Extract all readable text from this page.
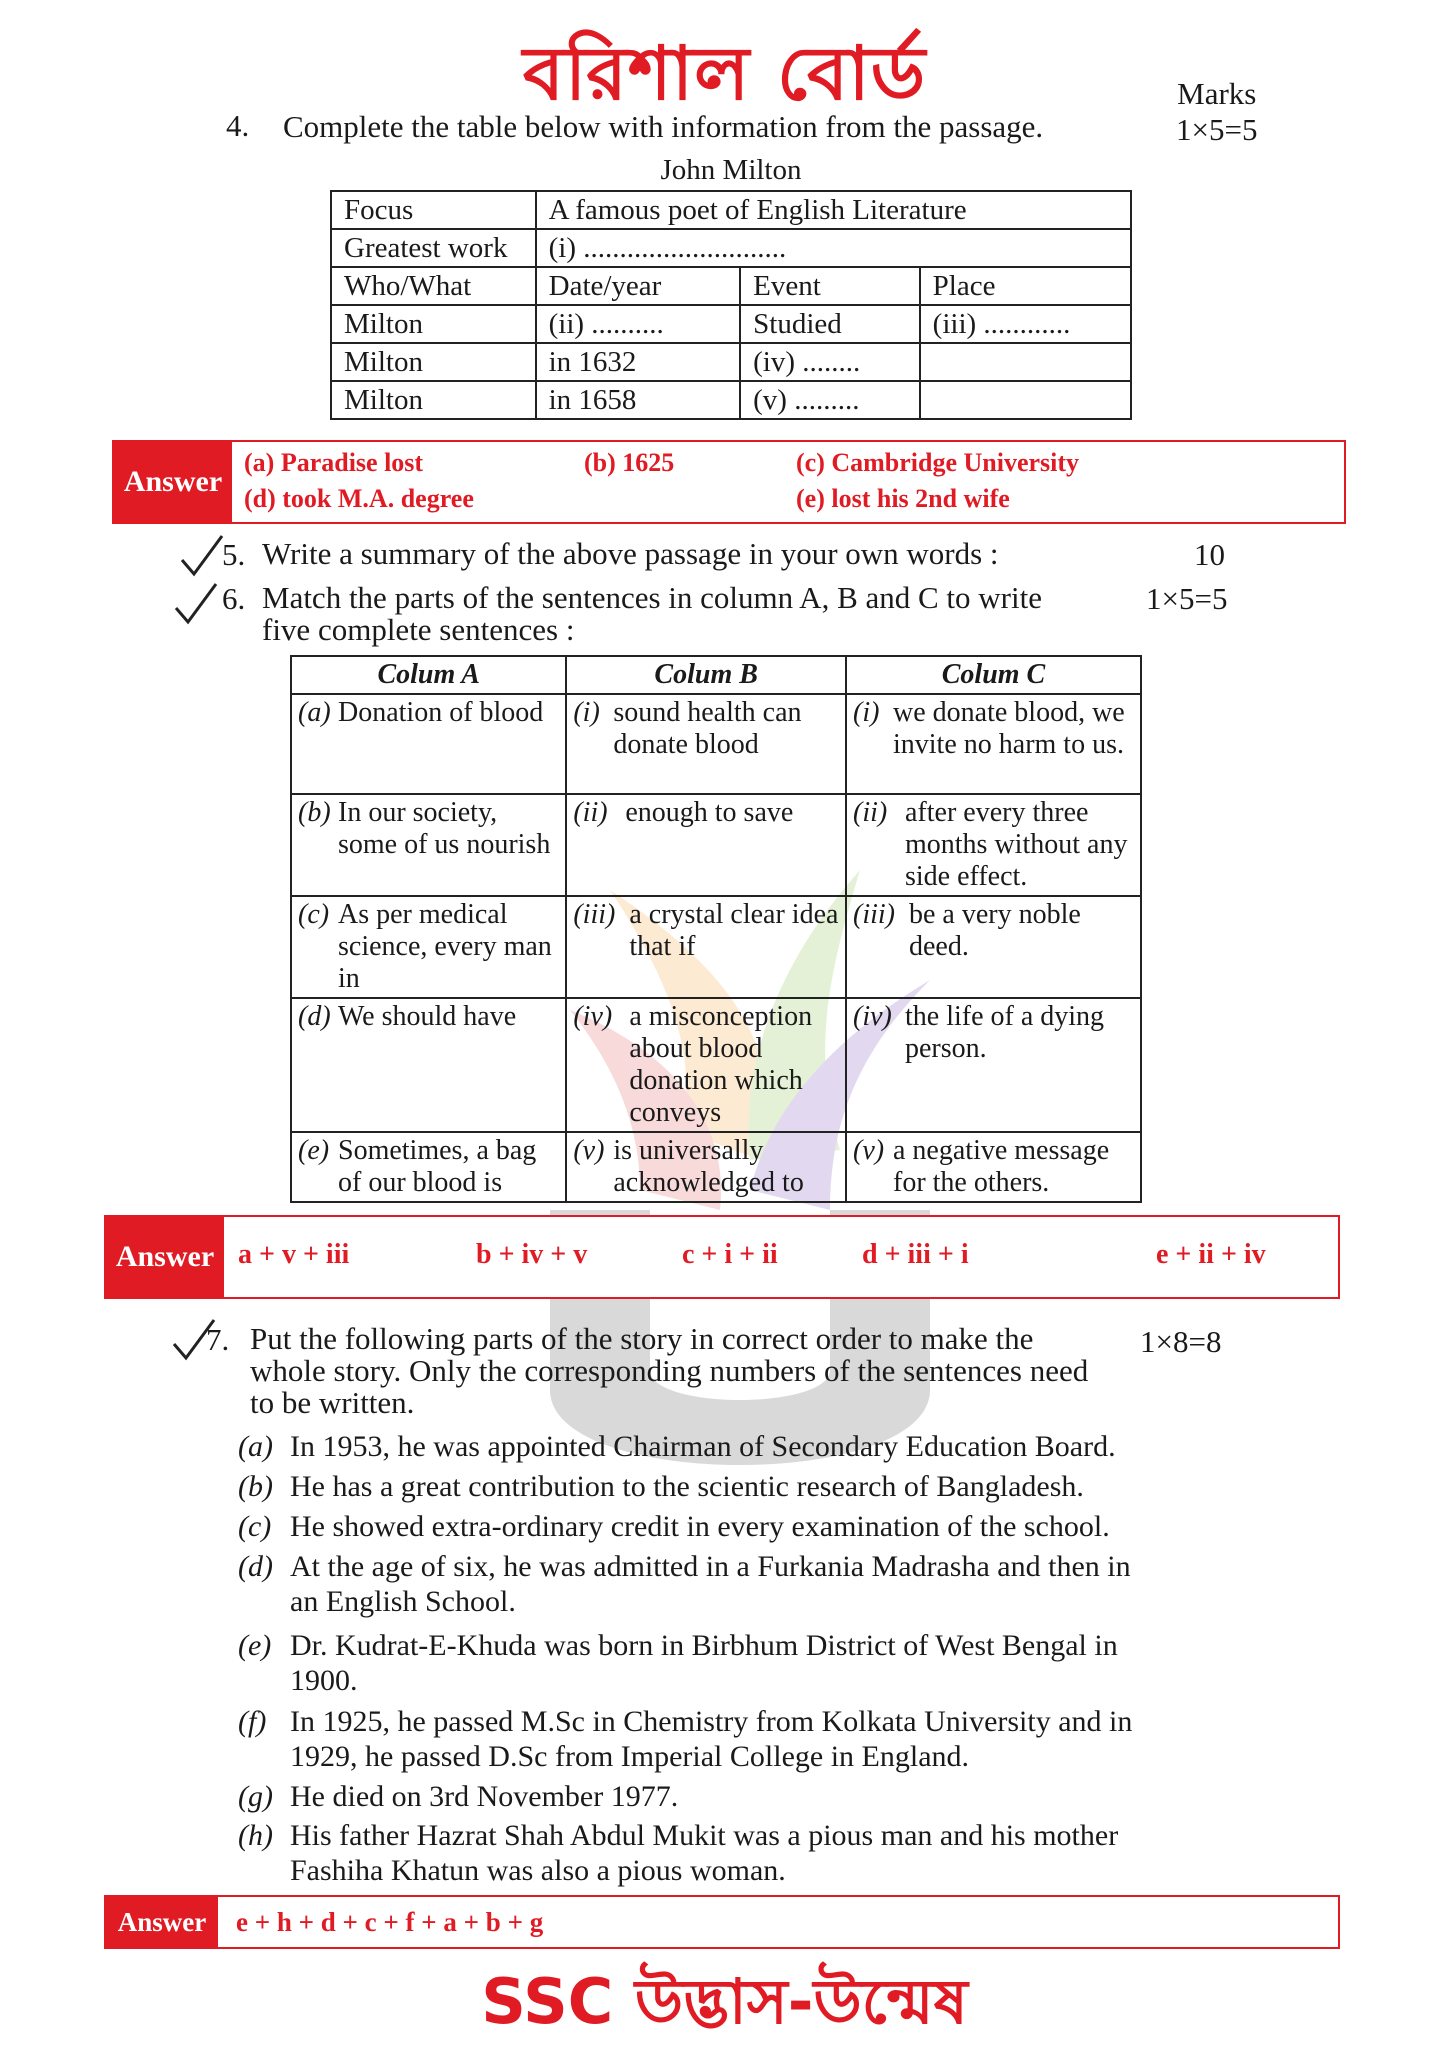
বরিশাল বোর্ড	Marks
1×5=5
4. Complete the table below with information from the passage.
John Milton
Focus	A famous poet of English Literature		
Greatest work	(i) ............................		
Who/What	Date/year	Event	Place
Milton	(ii) ..........	Studied	(iii) ............
Milton	in 1632	(iv) ........	
Milton	in 1658	(v) .........	
Answer
(a) Paradise lost	(b) 1625	(c) Cambridge University
(d) took M.A. degree	(e) lost his 2nd wife
5. Write a summary of the above passage in your own words :	10
6. Match the parts of the sentences in column A, B and C to write
five complete sentences :
1×5=5
Colum A	Colum B	Colum C

(a) Donation of blood	(i) sound health can donate blood	(i) we donate blood, we invite no harm to us.

(b) In our society, some of us nourish	(ii) enough to save	(ii) after every three months without any side effect.

(c) As per medical science, every man in	(iii) a crystal clear idea that if	(iii) be a very noble deed.

(d) We should have	(iv) a misconception about blood donation which conveys	(iv) the life of a dying person.

(e) Sometimes, a bag of our blood is	(v) is universally acknowledged to	(v) a negative message for the others.
Answer a + v + iii	b + iv + v	c + i + ii	d + iii + i	e + ii + iv
7. Put the following parts of the story in correct order to make the
whole story. Only the corresponding numbers of the sentences need
to be written.
1×8=8
(a) In 1953, he was appointed Chairman of Secondary Education Board.
(b) He has a great contribution to the scientic research of Bangladesh.
(c) He showed extra-ordinary credit in every examination of the school.
(d) At the age of six, he was admitted in a Furkania Madrasha and then in an English School.
(e) Dr. Kudrat-E-Khuda was born in Birbhum District of West Bengal in 1900.
(f) In 1925, he passed M.Sc in Chemistry from Kolkata University and in 1929, he passed D.Sc from Imperial College in England.
(g) He died on 3rd November 1977.
(h) His father Hazrat Shah Abdul Mukit was a pious man and his mother Fashiha Khatun was also a pious woman.
Answer	e + h + d + c + f + a + b + g
SSC উদ্ভাস-উন্মেষ
